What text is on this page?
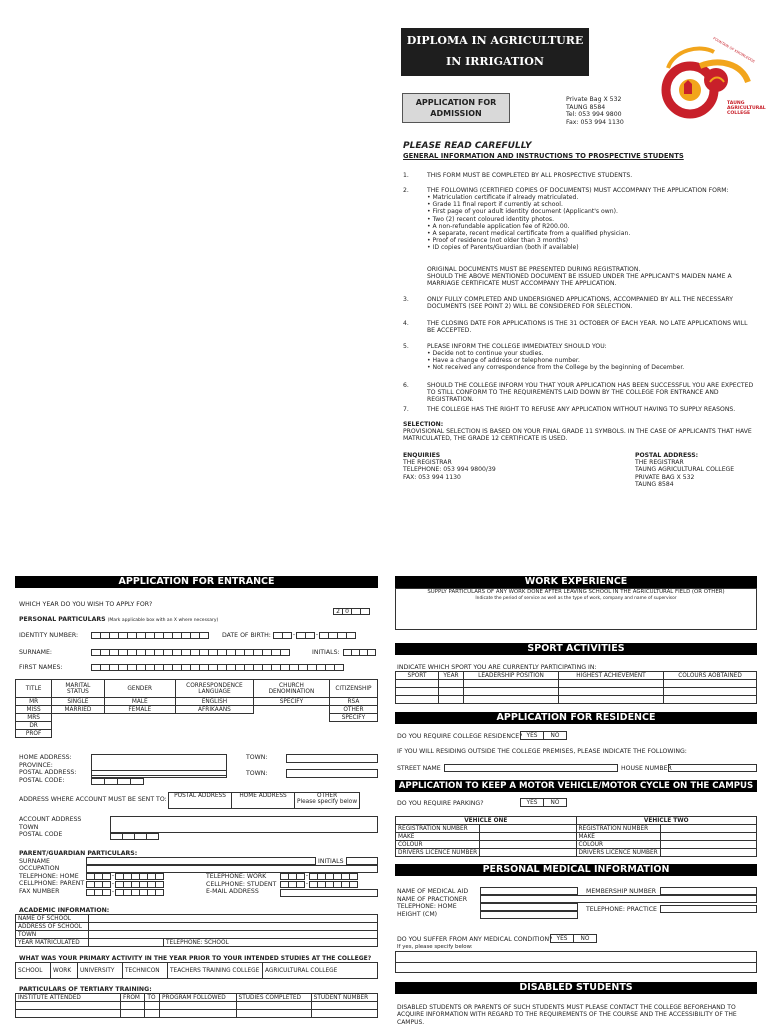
DIPLOMA IN AGRICULTURE
IN IRRIGATION
APPLICATION FOR
ADMISSION
Private Bag X 532
TAUNG 8584
Tel: 053 994 9800
Fax: 053 994 1130
FOUNTAIN OF KNOWLEDGE
TAUNG
AGRICULTURAL
COLLEGE
PLEASE READ CAREFULLY
GENERAL INFORMATION AND INSTRUCTIONS TO PROSPECTIVE STUDENTS
1.	THIS FORM MUST BE COMPLETED BY ALL PROSPECTIVE STUDENTS.
2.	THE FOLLOWING (CERTIFIED COPIES OF DOCUMENTS) MUST ACCOMPANY THE APPLICATION FORM:
• Matriculation certificate if already matriculated.
• Grade 11 final report if currently at school.
• First page of your adult identity document (Applicant's own).
• Two (2) recent coloured identity photos.
• A non-refundable application fee of R200.00.
• A separate, recent medical certificate from a qualified physician.
• Proof of residence (not older than 3 months)
• ID copies of Parents/Guardian (both if available)
ORIGINAL DOCUMENTS MUST BE PRESENTED DURING REGISTRATION.
SHOULD THE ABOVE MENTIONED DOCUMENT BE ISSUED UNDER THE APPLICANT'S MAIDEN NAME A MARRIAGE CERTIFICATE MUST ACCOMPANY THE APPLICATION.
3.	ONLY FULLY COMPLETED AND UNDERSIGNED APPLICATIONS, ACCOMPANIED BY ALL THE NECESSARY DOCUMENTS (SEE POINT 2) WILL BE CONSIDERED FOR SELECTION.
4.	THE CLOSING DATE FOR APPLICATIONS IS THE 31 OCTOBER OF EACH YEAR. NO LATE APPLICATIONS WILL BE ACCEPTED.
5.	PLEASE INFORM THE COLLEGE IMMEDIATELY SHOULD YOU:
• Decide not to continue your studies.
• Have a change of address or telephone number.
• Not received any correspondence from the College by the beginning of December.
6.	SHOULD THE COLLEGE INFORM YOU THAT YOUR APPLICATION HAS BEEN SUCCESSFUL YOU ARE EXPECTED TO STILL CONFORM TO THE REQUIREMENTS LAID DOWN BY THE COLLEGE FOR ENTRANCE AND REGISTRATION.
7.	THE COLLEGE HAS THE RIGHT TO REFUSE ANY APPLICATION WITHOUT HAVING TO SUPPLY REASONS.
SELECTION:
PROVISIONAL SELECTION IS BASED ON YOUR FINAL GRADE 11 SYMBOLS. IN THE CASE OF APPLICANTS THAT HAVE MATRICULATED, THE GRADE 12 CERTIFICATE IS USED.
ENQUIRIES
THE REGISTRAR
TELEPHONE: 053 994 9800/39
FAX: 053 994 1130
POSTAL ADDRESS:
THE REGISTRAR
TAUNG AGRICULTURAL COLLEGE
PRIVATE BAG X 532
TAUNG 8584
APPLICATION FOR ENTRANCE
WHICH YEAR DO YOU WISH TO APPLY FOR?
2 0
PERSONAL PARTICULARS (Mark applicable box with an X where necessary)
IDENTITY NUMBER:	DATE OF BIRTH:	-	-
SURNAME:	INITIALS:
FIRST NAMES:
TITLE	MARITAL STATUS	GENDER	CORRESPONDENCE LANGUAGE	CHURCH DENOMINATION	CITIZENSHIP
MR	SINGLE	MALE	ENGLISH	SPECIFY	RSA
MISS	MARRIED	FEMALE	AFRIKAANS		OTHER
MRS					SPECIFY
DR					
PROF					
HOME ADDRESS:
PROVINCE:
POSTAL ADDRESS:
POSTAL CODE:
TOWN:
TOWN:
ADDRESS WHERE ACCOUNT MUST BE SENT TO: POSTAL ADDRESS	HOME ADDRESS	OTHER
Please specify below
ACCOUNT ADDRESS
TOWN
POSTAL CODE
PARENT/GUARDIAN PARTICULARS:
SURNAME
OCCUPATION
TELEPHONE: HOME
CELLPHONE: PARENT
FAX NUMBER
INITIALS
-
-
-
TELEPHONE: WORK
CELLPHONE: STUDENT
E-MAIL ADDRESS
-
-
ACADEMIC INFORMATION:
NAME OF SCHOOL		
ADDRESS OF SCHOOL		
TOWN		
YEAR MATRICULATED		TELEPHONE: SCHOOL
WHAT WAS YOUR PRIMARY ACTIVITY IN THE YEAR PRIOR TO YOUR INTENDED STUDIES AT THE COLLEGE?
SCHOOL	WORK	UNIVERSITY	TECHNICON	TEACHERS TRAINING COLLEGE	AGRICULTURAL COLLEGE
PARTICULARS OF TERTIARY TRAINING:
INSTITUTE ATTENDED	FROM	TO	PROGRAM FOLLOWED	STUDIES COMPLETED	STUDENT NUMBER

WORK EXPERIENCE
SUPPLY PARTICULARS OF ANY WORK DONE AFTER LEAVING SCHOOL IN THE AGRICULTURAL FIELD (OR OTHER)
Indicate the period of service as well as the type of work, company and name of supervisor
SPORT ACTIVITIES
INDICATE WHICH SPORT YOU ARE CURRENTLY PARTICIPATING IN:
SPORT	YEAR	LEADERSHIP POSITION	HIGHEST ACHIEVEMENT	COLOURS AOBTAINED

APPLICATION FOR RESIDENCE
DO YOU REQUIRE COLLEGE RESIDENCE? YES	NO
IF YOU WILL RESIDING OUTSIDE THE COLLEGE PREMISES, PLEASE INDICATE THE FOLLOWING:
STREET NAME	HOUSE NUMBER
APPLICATION TO KEEP A MOTOR VEHICLE/MOTOR CYCLE ON THE CAMPUS
DO YOU REQUIRE PARKING?	YES	NO
VEHICLE ONE		VEHICLE TWO	
REGISTRATION NUMBER		REGISTRATION NUMBER	
MAKE		MAKE	
COLOUR		COLOUR	
DRIVERS LICENCE NUMBER		DRIVERS LICENCE NUMBER	
PERSONAL MEDICAL INFORMATION
NAME OF MEDICAL AID
NAME OF PRACTIONER
TELEPHONE: HOME
HEIGHT (CM)
MEMBERSHIP NUMBER
TELEPHONE: PRACTICE
DO YOU SUFFER FROM ANY MEDICAL CONDITION? YES	NO
If yes, please specify below:
DISABLED STUDENTS
DISABLED STUDENTS OR PARENTS OF SUCH STUDENTS MUST PLEASE CONTACT THE COLLEGE BEFOREHAND TO ACQUIRE INFORMATION WITH REGARD TO THE REQUIREMENTS OF THE COURSE AND THE ACCESSIBILITY OF THE CAMPUS.
